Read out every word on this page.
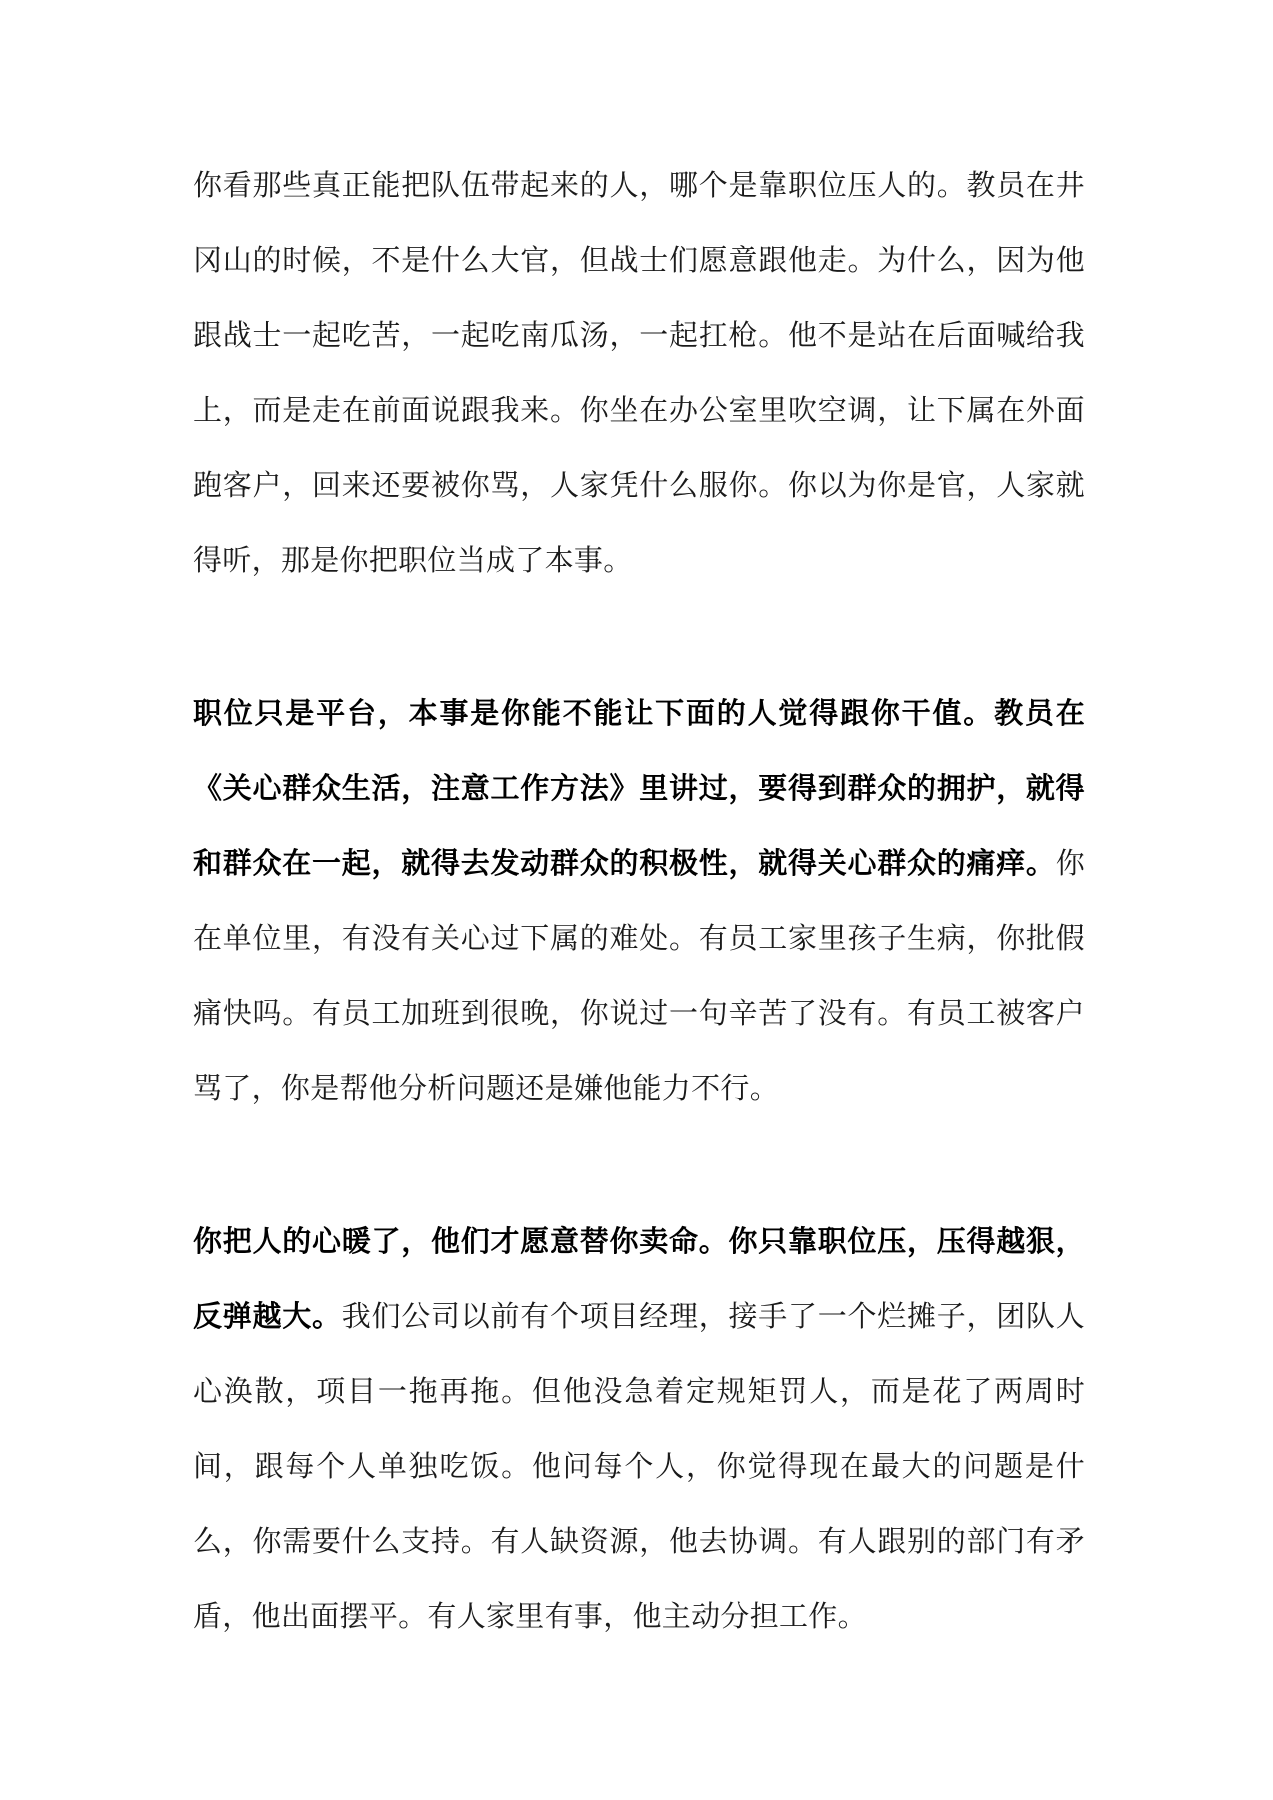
你看那些真正能把队伍带起来的人，哪个是靠职位压人的。教员在井冈山的时候，不是什么大官，但战士们愿意跟他走。为什么，因为他跟战士一起吃苦，一起吃南瓜汤，一起扛枪。他不是站在后面喊给我上，而是走在前面说跟我来。你坐在办公室里吹空调，让下属在外面跑客户，回来还要被你骂，人家凭什么服你。你以为你是官，人家就得听，那是你把职位当成了本事。

职位只是平台，本事是你能不能让下面的人觉得跟你干值。教员在《关心群众生活，注意工作方法》里讲过，要得到群众的拥护，就得和群众在一起，就得去发动群众的积极性，就得关心群众的痛痒。你在单位里，有没有关心过下属的难处。有员工家里孩子生病，你批假痛快吗。有员工加班到很晚，你说过一句辛苦了没有。有员工被客户骂了，你是帮他分析问题还是嫌他能力不行。

你把人的心暖了，他们才愿意替你卖命。你只靠职位压，压得越狠，反弹越大。我们公司以前有个项目经理，接手了一个烂摊子，团队人心涣散，项目一拖再拖。但他没急着定规矩罚人，而是花了两周时间，跟每个人单独吃饭。他问每个人，你觉得现在最大的问题是什么，你需要什么支持。有人缺资源，他去协调。有人跟别的部门有矛盾，他出面摆平。有人家里有事，他主动分担工作。
